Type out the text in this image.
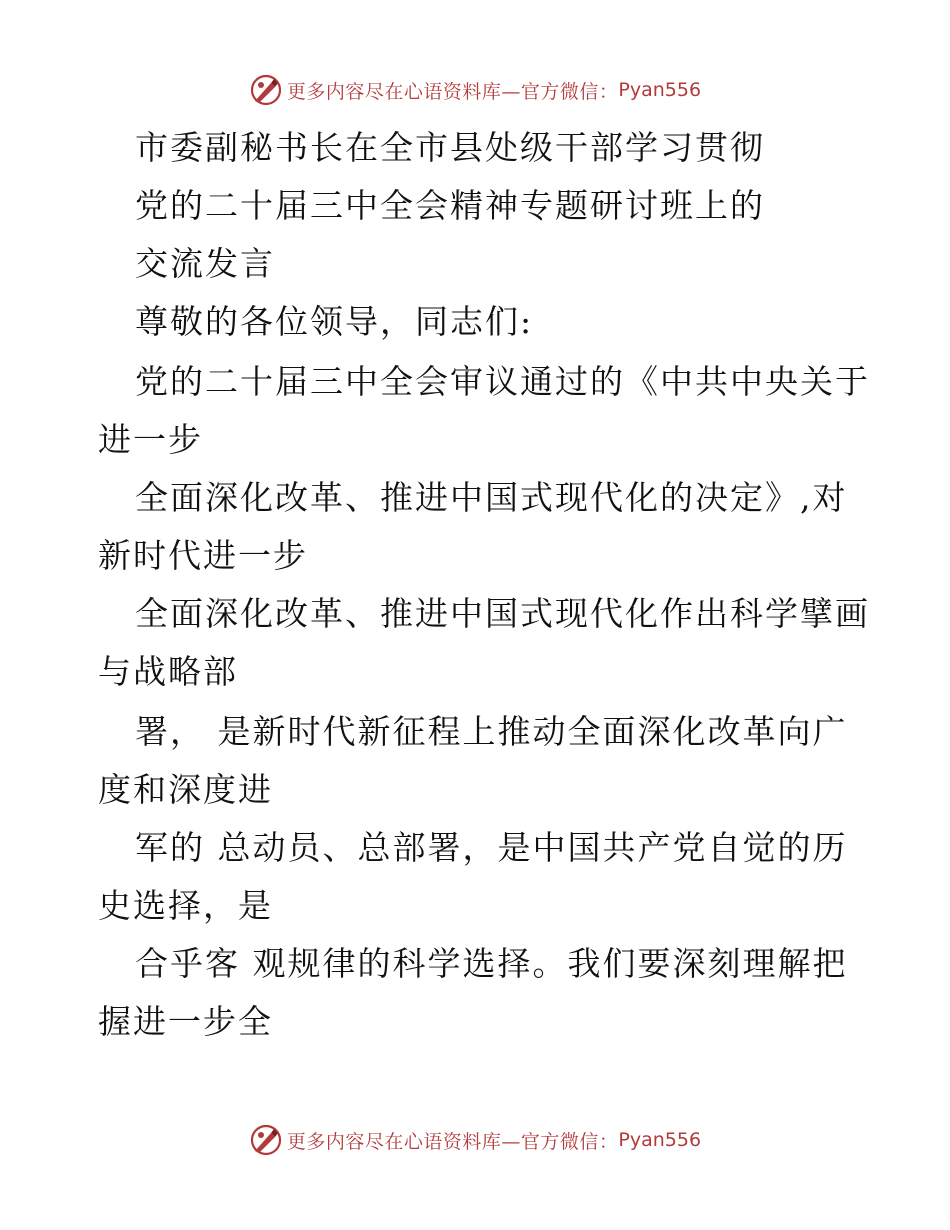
更多内容尽在心语资料库—官方微信： Pyan556
市委副秘书长在全市县处级干部学习贯彻
党的二十届三中全会精神专题研讨班上的
交流发言
尊敬的各位领导，同志们:
党的二十届三中全会审议通过的《中共中央关于
进一步
全面深化改革、推进中国式现代化的决定》,对
新时代进一步
全面深化改革、推进中国式现代化作出科学擘画
与战略部
署， 是新时代新征程上推动全面深化改革向广
度和深度进
军的 总动员、总部署，是中国共产党自觉的历
史选择，是
合乎客 观规律的科学选择。我们要深刻理解把
握进一步全
更多内容尽在心语资料库—官方微信： Pyan556
